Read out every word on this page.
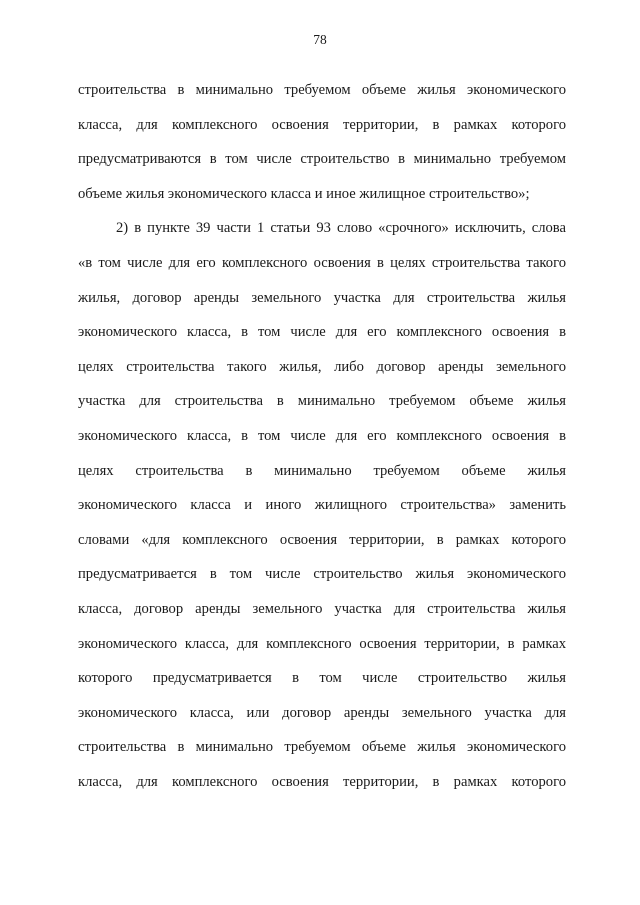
78
строительства в минимально требуемом объеме жилья экономического
класса, для комплексного освоения территории, в рамках которого
предусматриваются в том числе строительство в минимально требуемом
объеме жилья экономического класса и иное жилищное строительство»;
2) в пункте 39 части 1 статьи 93 слово «срочного» исключить, слова
«в том числе для его комплексного освоения в целях строительства такого
жилья, договор аренды земельного участка для строительства жилья
экономического класса, в том числе для его комплексного освоения в
целях строительства такого жилья, либо договор аренды земельного
участка для строительства в минимально требуемом объеме жилья
экономического класса, в том числе для его комплексного освоения в
целях строительства в минимально требуемом объеме жилья
экономического класса и иного жилищного строительства» заменить
словами «для комплексного освоения территории, в рамках которого
предусматривается в том числе строительство жилья экономического
класса, договор аренды земельного участка для строительства жилья
экономического класса, для комплексного освоения территории, в рамках
которого предусматривается в том числе строительство жилья
экономического класса, или договор аренды земельного участка для
строительства в минимально требуемом объеме жилья экономического
класса, для комплексного освоения территории, в рамках которого
